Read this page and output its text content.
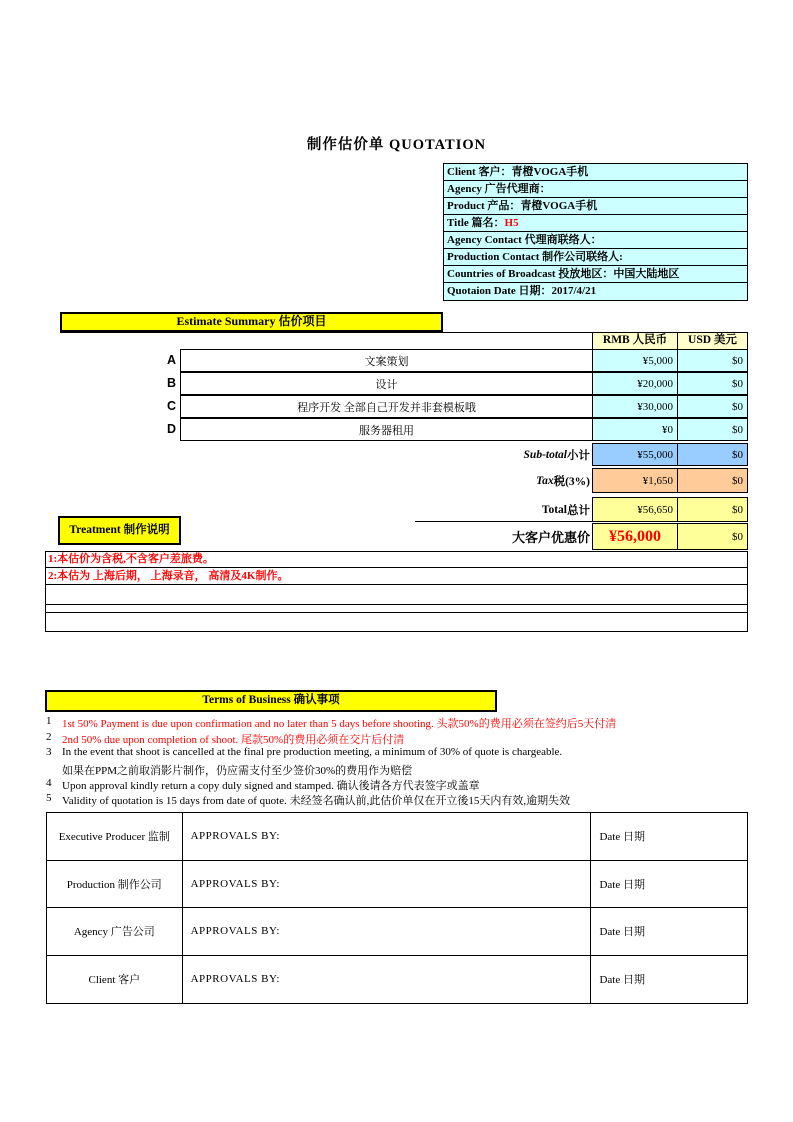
制作估价单 QUOTATION
Client 客户：青橙VOGA手机
Agency 广告代理商：
Product 产品：青橙VOGA手机
Title 篇名：H5
Agency Contact 代理商联络人：
Production Contact 制作公司联络人:
Countries of Broadcast 投放地区：中国大陆地区
Quotaion Date 日期：2017/4/21
Estimate Summary 估价项目
RMB 人民币	USD 美元
A	文案策划	¥5,000	$0
B	设计	¥20,000	$0
C	程序开发 全部自己开发并非套模板哦	¥30,000	$0
D	服务器租用	¥0	$0
Sub-total 小计	¥55,000	$0
Tax 税(3%)	¥1,650	$0
Total 总计	¥56,650	$0
大客户优惠价	¥56,000	$0
Treatment 制作说明
1:本估价为含税,不含客户差旅费。
2:本估为 上海后期， 上海录音， 高清及4K制作。
Terms of Business 确认事项
1 1st 50% Payment is due upon confirmation and no later than 5 days before shooting. 头款50%的费用必须在签约后5天付清
2 2nd 50% due upon completion of shoot. 尾款50%的费用必须在交片后付清
3 In the event that shoot is cancelled at the final pre production meeting, a minimum of 30% of quote is chargeable.
如果在PPM之前取消影片制作，仍应需支付至少签价30%的费用作为赔偿
4 Upon approval kindly return a copy duly signed and stamped. 确认後请各方代表签字或盖章
5 Validity of quotation is 15 days from date of quote. 未经签名确认前,此估价单仅在开立後15天内有效,逾期失效
Executive Producer 监制	APPROVALS BY:	Date 日期
Production 制作公司	APPROVALS BY:	Date 日期
Agency 广告公司	APPROVALS BY:	Date 日期
Client 客户	APPROVALS BY:	Date 日期
